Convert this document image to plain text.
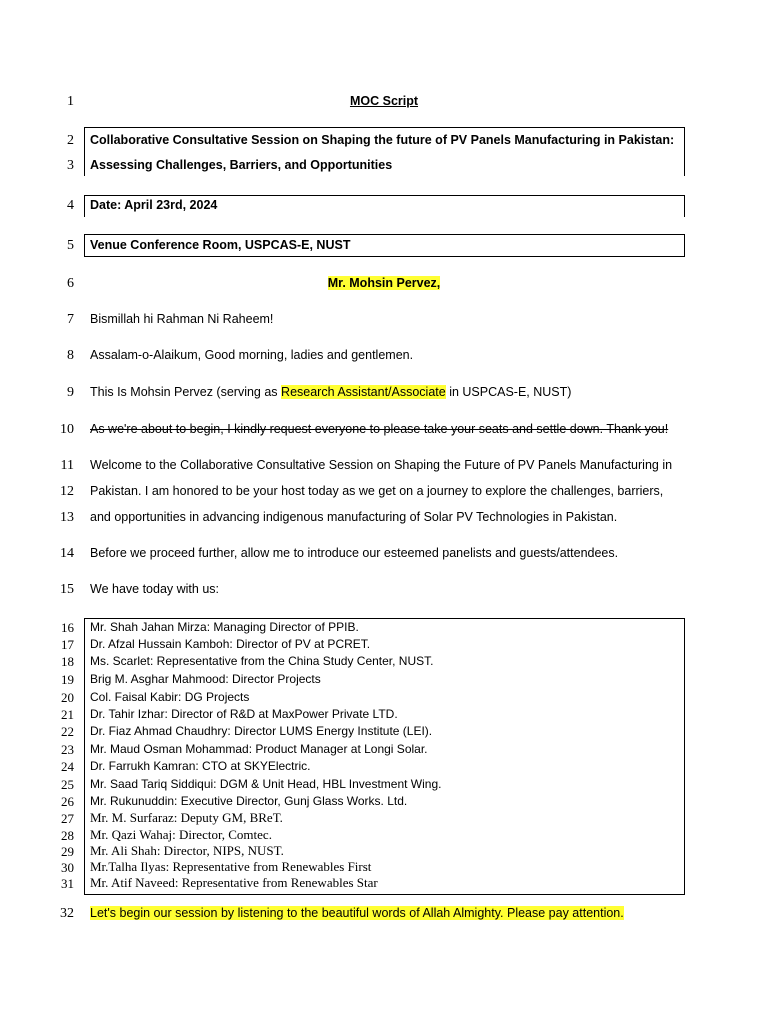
1
2
3
4
5
6
7
8
9
10
11
12
13
14
15
MOC Script
Collaborative Consultative Session on Shaping the future of PV Panels Manufacturing in Pakistan:
Assessing Challenges, Barriers, and Opportunities
Date: April 23rd, 2024
Venue Conference Room, USPCAS-E, NUST
Mr. Mohsin Pervez,
Bismillah hi Rahman Ni Raheem!
Assalam-o-Alaikum, Good morning, ladies and gentlemen.
This Is Mohsin Pervez (serving as Research Assistant/Associate in USPCAS-E, NUST)
As we're about to begin, I kindly request everyone to please take your seats and settle down. Thank you!
Welcome to the Collaborative Consultative Session on Shaping the Future of PV Panels Manufacturing in
Pakistan. I am honored to be your host today as we get on a journey to explore the challenges, barriers,
and opportunities in advancing indigenous manufacturing of Solar PV Technologies in Pakistan.
Before we proceed further, allow me to introduce our esteemed panelists and guests/attendees.
We have today with us:
16 Mr. Shah Jahan Mirza: Managing Director of PPIB.
17 Dr. Afzal Hussain Kamboh: Director of PV at PCRET.
18 Ms. Scarlet: Representative from the China Study Center, NUST.
19 Brig M. Asghar Mahmood: Director Projects
20 Col. Faisal Kabir: DG Projects
21 Dr. Tahir Izhar: Director of R&D at MaxPower Private LTD.
22 Dr. Fiaz Ahmad Chaudhry: Director LUMS Energy Institute (LEI).
23 Mr. Maud Osman Mohammad: Product Manager at Longi Solar.
24 Dr. Farrukh Kamran: CTO at SKYElectric.
25 Mr. Saad Tariq Siddiqui: DGM & Unit Head, HBL Investment Wing.
26 Mr. Rukunuddin: Executive Director, Gunj Glass Works. Ltd.
27 Mr. M. Surfaraz: Deputy GM, BReT.
28 Mr. Qazi Wahaj: Director, Comtec.
29 Mr. Ali Shah: Director, NIPS, NUST.
30 Mr.Talha Ilyas: Representative from Renewables First
31 Mr. Atif Naveed: Representative from Renewables Star
32 Let's begin our session by listening to the beautiful words of Allah Almighty. Please pay attention.
